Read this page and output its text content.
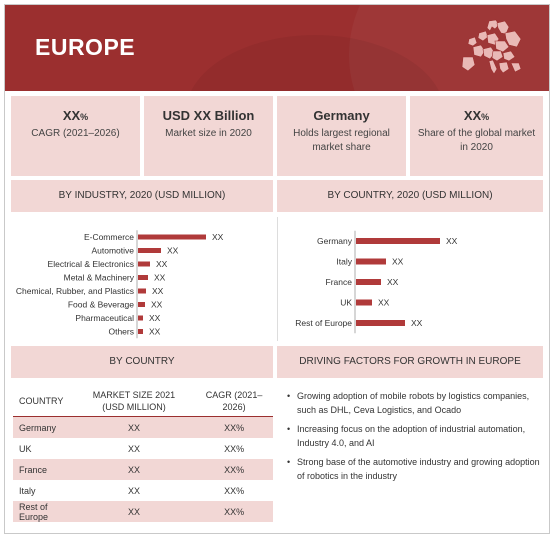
EUROPE
XX%
CAGR (2021–2026)
USD XX Billion
Market size in 2020
Germany
Holds largest regional market share
XX%
Share of the global market in 2020
BY INDUSTRY, 2020 (USD MILLION)	BY COUNTRY, 2020 (USD MILLION)
E-Commerce	XX
Automotive	XX
Electrical & Electronics	XX
Metal & Machinery XX
Chemical, Rubber, and Plastics XX
Food & Beverage XX
Pharmaceutical XX
Others XX
Germany	XX
Italy	XX
France	XX
UK	XX
Rest of Europe	XX
BY COUNTRY	DRIVING FACTORS FOR GROWTH IN EUROPE
COUNTRY	MARKET SIZE 2021 (USD MILLION)	CAGR (2021–2026)
Germany	XX	XX%
UK	XX	XX%
France	XX	XX%
Italy	XX	XX%
Rest of Europe	XX	XX%
• Growing adoption of mobile robots by logistics companies, such as DHL, Ceva Logistics, and Ocado
• Increasing focus on the adoption of industrial automation, Industry 4.0, and AI
• Strong base of the automotive industry and growing adoption of robotics in the industry
